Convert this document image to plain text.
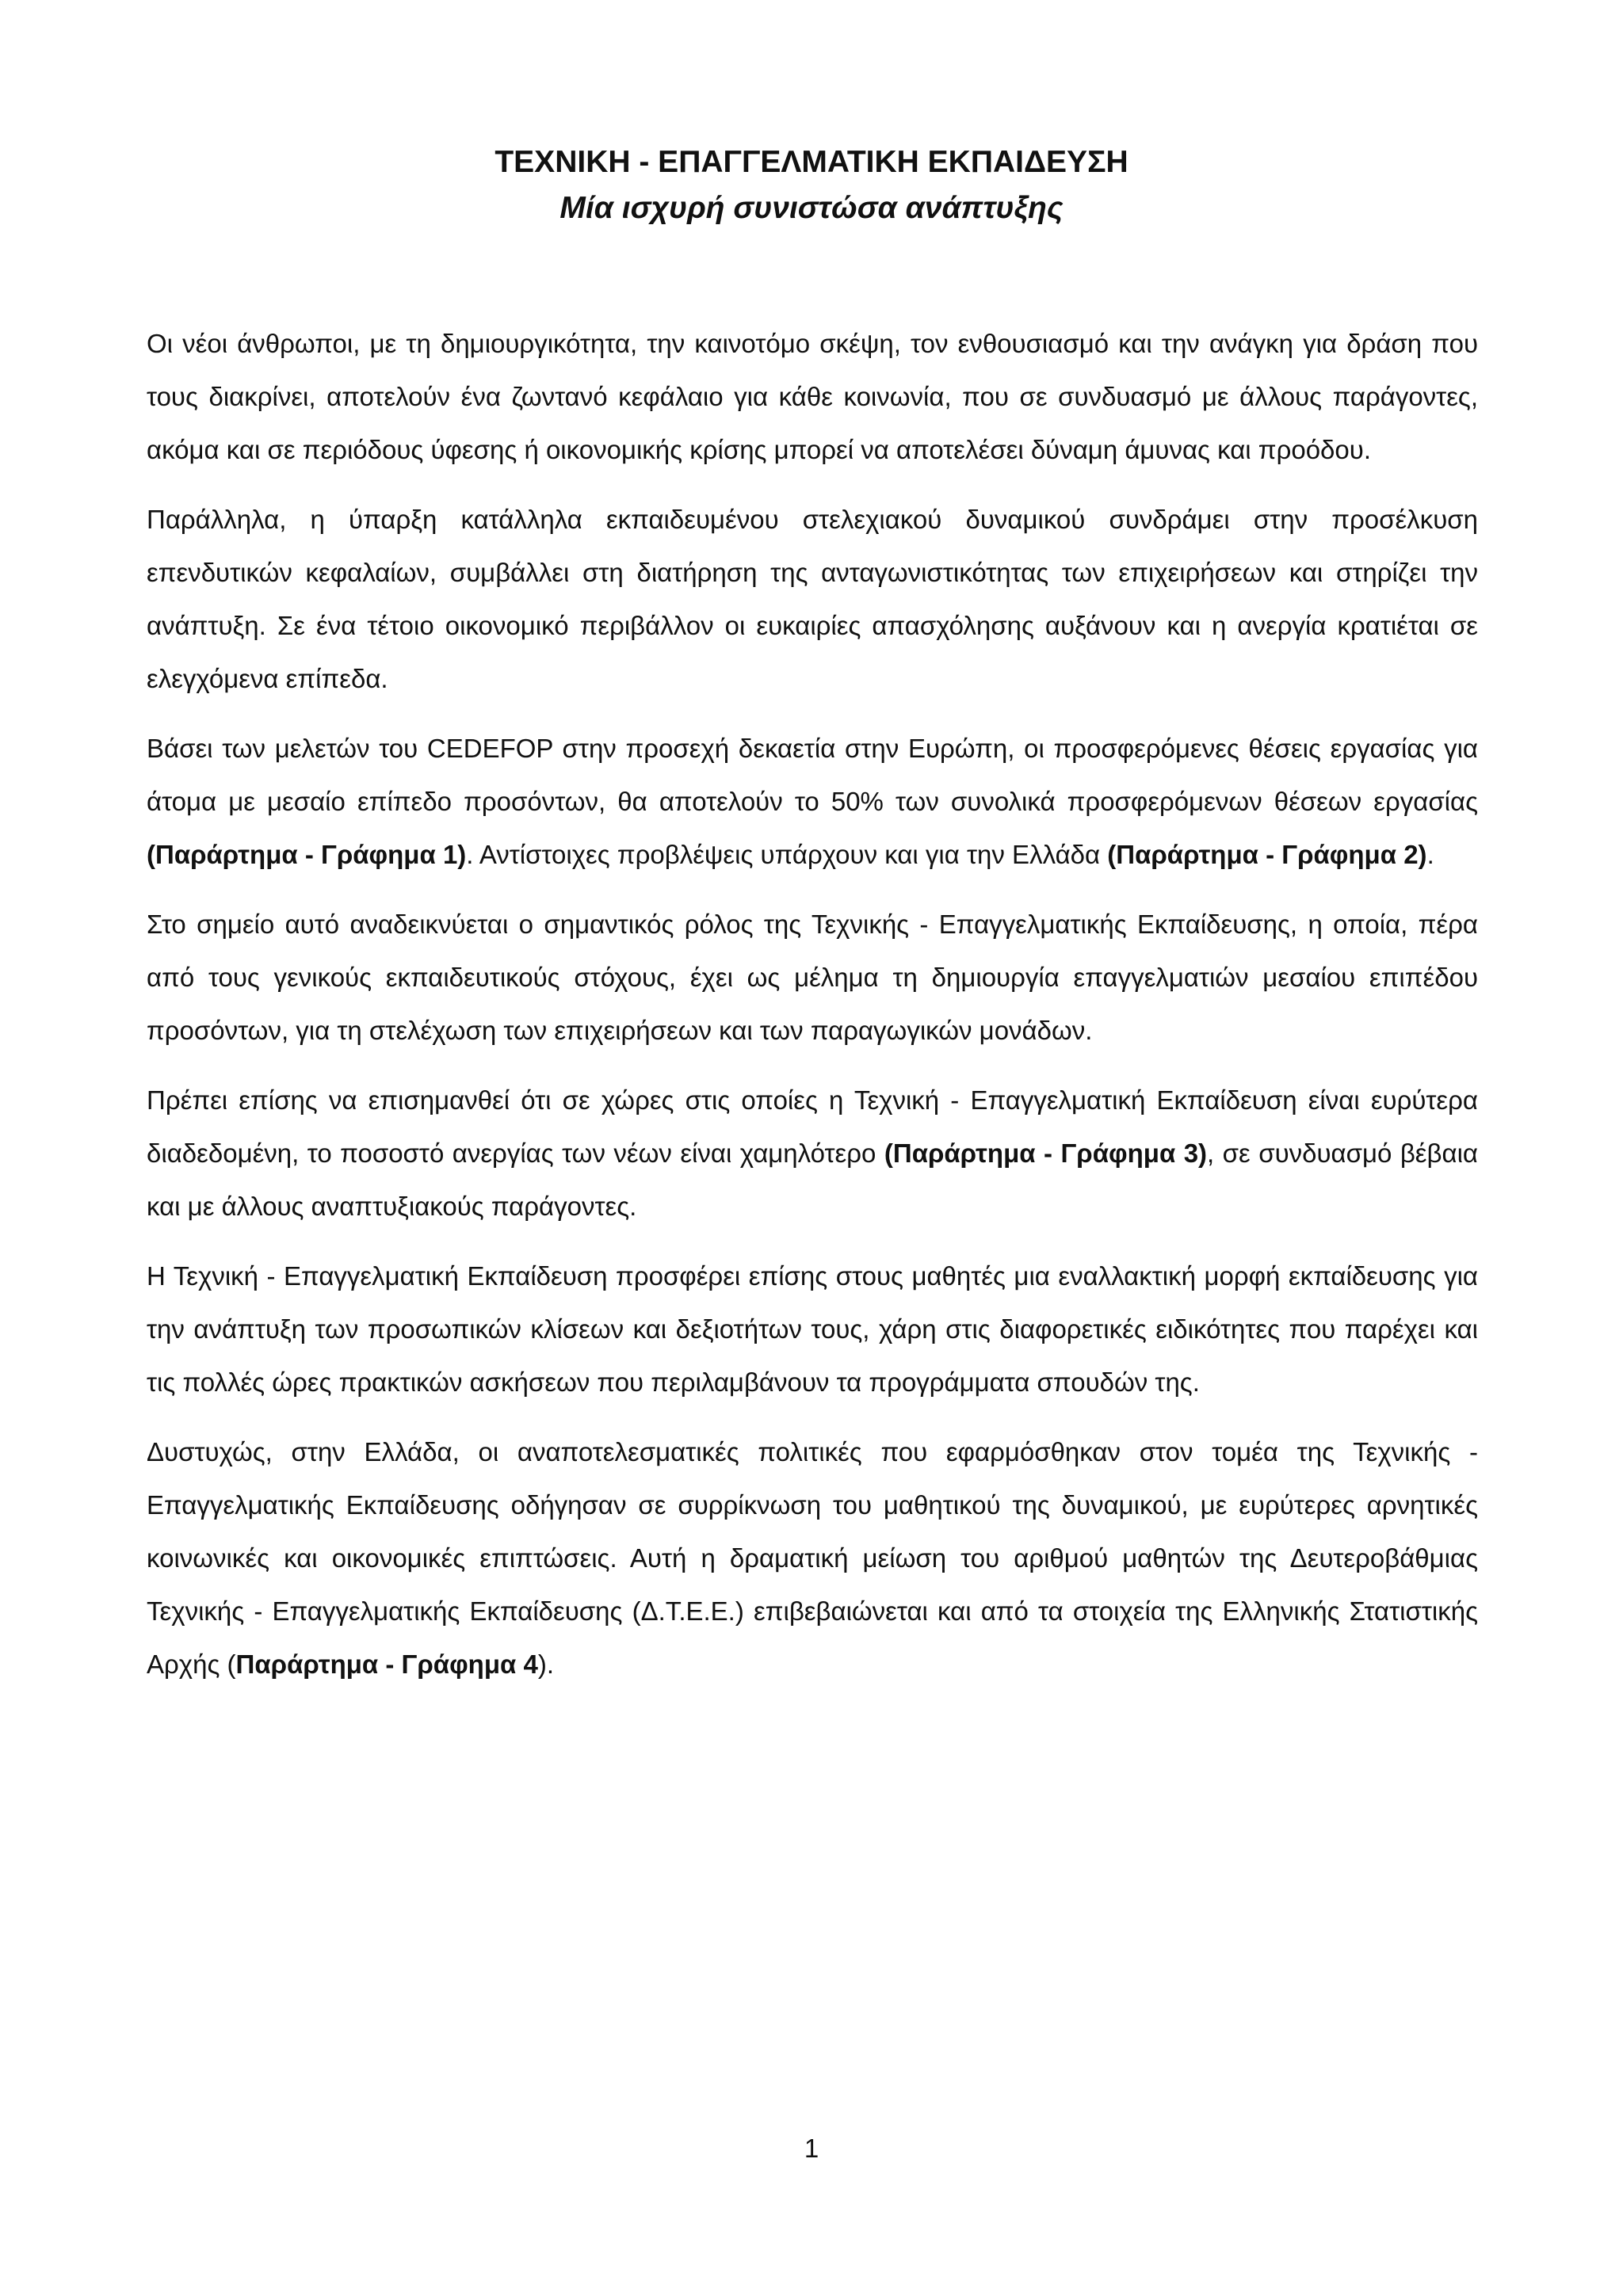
ΤΕΧΝΙΚΗ - ΕΠΑΓΓΕΛΜΑΤΙΚΗ ΕΚΠΑΙΔΕΥΣΗ

Μία ισχυρή συνιστώσα ανάπτυξης

Οι νέοι άνθρωποι, με τη δημιουργικότητα, την καινοτόμο σκέψη, τον ενθουσιασμό και την ανάγκη για δράση που τους διακρίνει, αποτελούν ένα ζωντανό κεφάλαιο για κάθε κοινωνία, που σε συνδυασμό με άλλους παράγοντες, ακόμα και σε περιόδους ύφεσης ή οικονομικής κρίσης μπορεί να αποτελέσει δύναμη άμυνας και προόδου.

Παράλληλα, η ύπαρξη κατάλληλα εκπαιδευμένου στελεχιακού δυναμικού συνδράμει στην προσέλκυση επενδυτικών κεφαλαίων, συμβάλλει στη διατήρηση της ανταγωνιστικότητας των επιχειρήσεων και στηρίζει την ανάπτυξη. Σε ένα τέτοιο οικονομικό περιβάλλον οι ευκαιρίες απασχόλησης αυξάνουν και η ανεργία κρατιέται σε ελεγχόμενα επίπεδα.

Βάσει των μελετών του CEDEFOP στην προσεχή δεκαετία στην Ευρώπη, οι προσφερόμενες θέσεις εργασίας για άτομα με μεσαίο επίπεδο προσόντων, θα αποτελούν το 50% των συνολικά προσφερόμενων θέσεων εργασίας (Παράρτημα - Γράφημα 1). Αντίστοιχες προβλέψεις υπάρχουν και για την Ελλάδα (Παράρτημα - Γράφημα 2).

Στο σημείο αυτό αναδεικνύεται ο σημαντικός ρόλος της Τεχνικής - Επαγγελματικής Εκπαίδευσης, η οποία, πέρα από τους γενικούς εκπαιδευτικούς στόχους, έχει ως μέλημα τη δημιουργία επαγγελματιών μεσαίου επιπέδου προσόντων, για τη στελέχωση των επιχειρήσεων και των παραγωγικών μονάδων.

Πρέπει επίσης να επισημανθεί ότι σε χώρες στις οποίες η Τεχνική - Επαγγελματική Εκπαίδευση είναι ευρύτερα διαδεδομένη, το ποσοστό ανεργίας των νέων είναι χαμηλότερο (Παράρτημα - Γράφημα 3), σε συνδυασμό βέβαια και με άλλους αναπτυξιακούς παράγοντες.

Η Τεχνική - Επαγγελματική Εκπαίδευση προσφέρει επίσης στους μαθητές μια εναλλακτική μορφή εκπαίδευσης για την ανάπτυξη των προσωπικών κλίσεων και δεξιοτήτων τους, χάρη στις διαφορετικές ειδικότητες που παρέχει και τις πολλές ώρες πρακτικών ασκήσεων που περιλαμβάνουν τα προγράμματα σπουδών της.

Δυστυχώς, στην Ελλάδα, οι αναποτελεσματικές πολιτικές που εφαρμόσθηκαν στον τομέα της Τεχνικής - Επαγγελματικής Εκπαίδευσης οδήγησαν σε συρρίκνωση του μαθητικού της δυναμικού, με ευρύτερες αρνητικές κοινωνικές και οικονομικές επιπτώσεις. Αυτή η δραματική μείωση του αριθμού μαθητών της Δευτεροβάθμιας Τεχνικής - Επαγγελματικής Εκπαίδευσης (Δ.Τ.Ε.Ε.) επιβεβαιώνεται και από τα στοιχεία της Ελληνικής Στατιστικής Αρχής (Παράρτημα - Γράφημα 4).

1
